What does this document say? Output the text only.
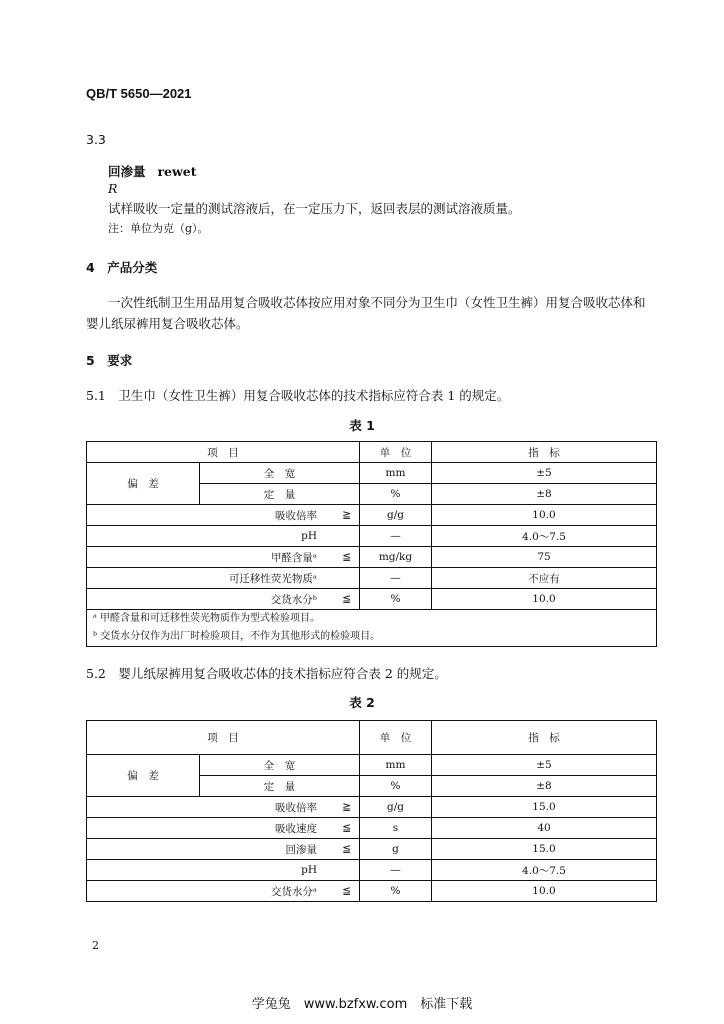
QB/T 5650—2021
3.3
回渗量 rewet
R
试样吸收一定量的测试溶液后，在一定压力下，返回表层的测试溶液质量。
注：单位为克（g）。
4　产品分类
一次性纸制卫生用品用复合吸收芯体按应用对象不同分为卫生巾（女性卫生裤）用复合吸收芯体和
婴儿纸尿裤用复合吸收芯体。
5　要求
5.1　卫生巾（女性卫生裤）用复合吸收芯体的技术指标应符合表 1 的规定。
表 1
项　目		单　位	指　标
偏　差	全　宽	mm	±5
	定　量	%	±8
吸收倍率 ≧		g/g	10.0
pH		—	4.0～7.5
甲醛含量ᵃ ≦		mg/kg	75
可迁移性荧光物质ᵃ		—	不应有
交货水分ᵇ ≦		%	10.0

ᵃ 甲醛含量和可迁移性荧光物质作为型式检验项目。
ᵇ 交货水分仅作为出厂时检验项目，不作为其他形式的检验项目。			
5.2　婴儿纸尿裤用复合吸收芯体的技术指标应符合表 2 的规定。
表 2
项　目		单　位	指　标
偏　差	全　宽	mm	±5
	定　量	%	±8
吸收倍率 ≧		g/g	15.0
吸收速度 ≦		s	40
回渗量 ≦		g	15.0
pH		—	4.0～7.5
交货水分ᵃ ≦		%	10.0
2
学兔兔　www.bzfxw.com　标准下载
